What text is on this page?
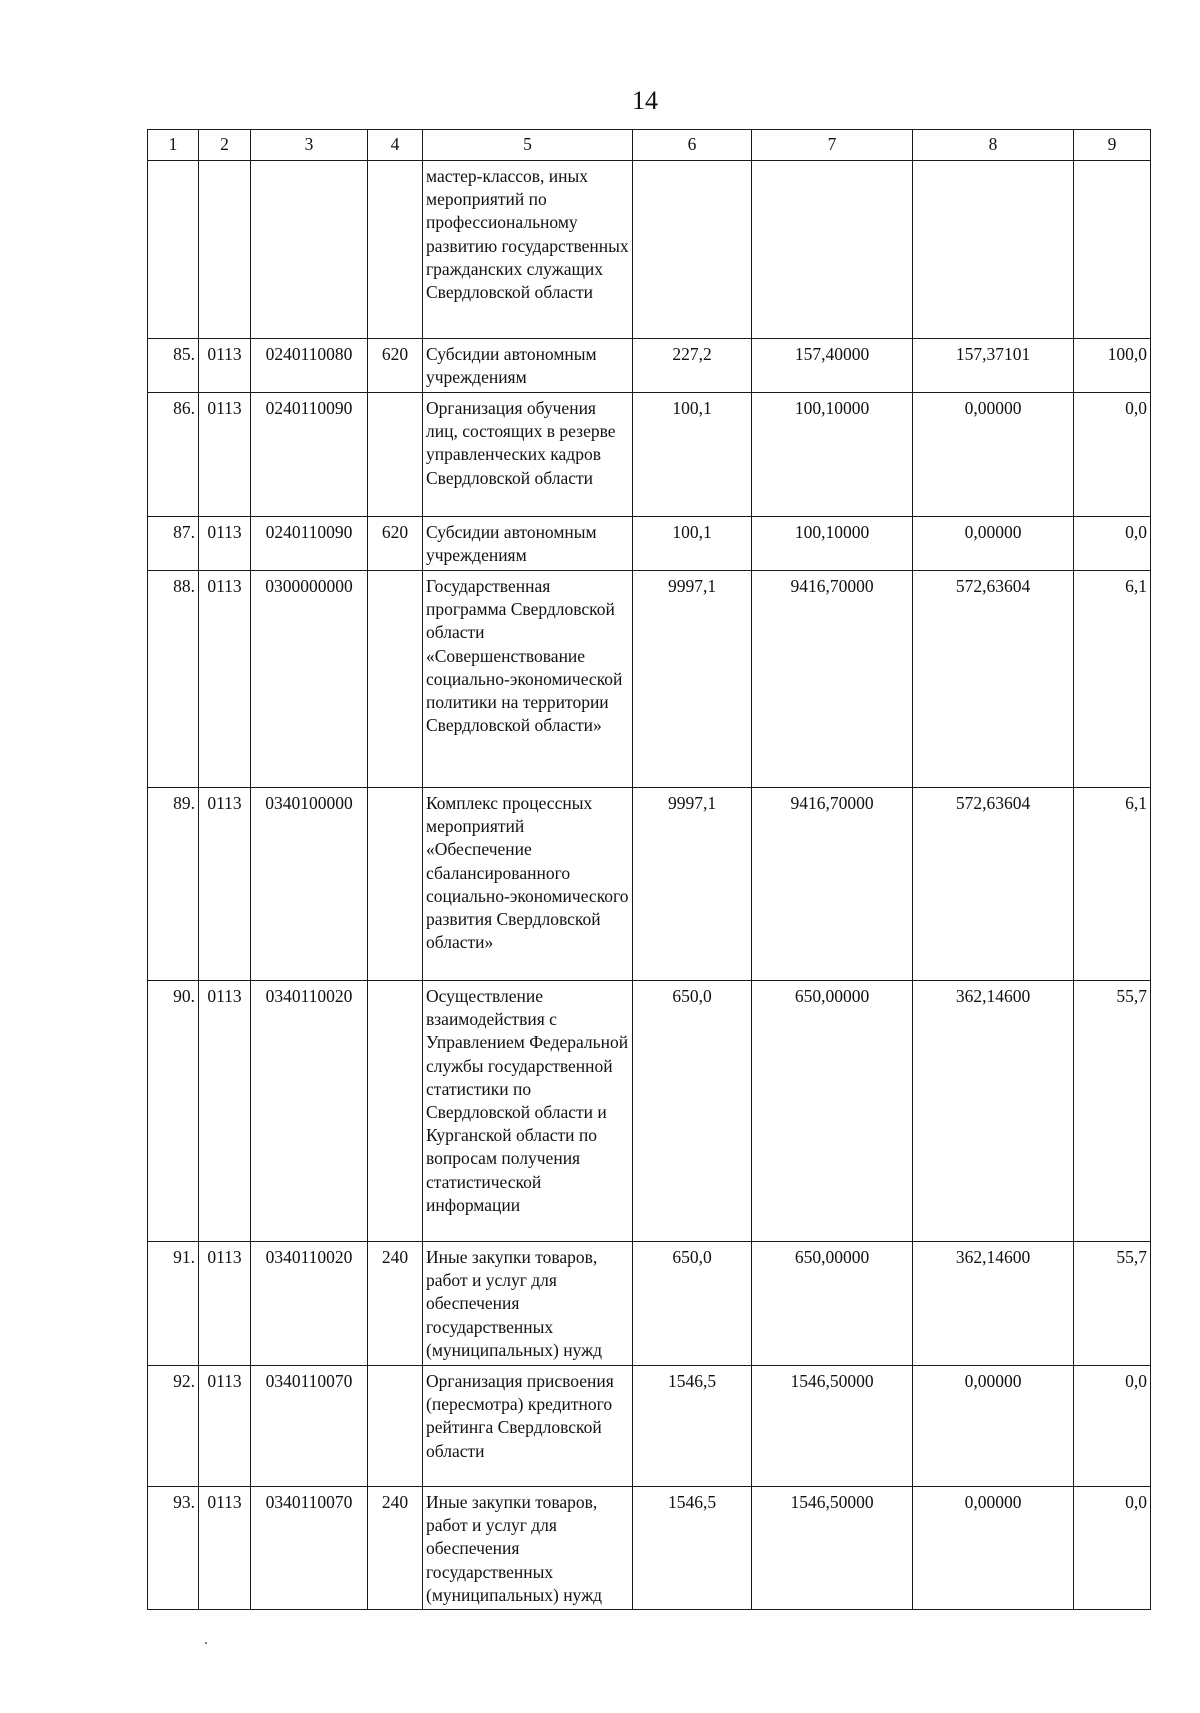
14
1	2	3	4	5	6	7	8	9
				мастер-классов, иных мероприятий по профессиональному развитию государственных гражданских служащих Свердловской области				
85.	0113	0240110080	620	Субсидии автономным учреждениям	227,2	157,40000	157,37101	100,0
86.	0113	0240110090		Организация обучения лиц, состоящих в резерве управленческих кадров Свердловской области	100,1	100,10000	0,00000	0,0
87.	0113	0240110090	620	Субсидии автономным учреждениям	100,1	100,10000	0,00000	0,0
88.	0113	0300000000		Государственная программа Свердловской области «Совершенствование социально-экономической политики на территории Свердловской области»	9997,1	9416,70000	572,63604	6,1
89.	0113	0340100000		Комплекс процессных мероприятий «Обеспечение сбалансированного социально-экономического развития Свердловской области»	9997,1	9416,70000	572,63604	6,1
90.	0113	0340110020		Осуществление взаимодействия с Управлением Федеральной службы государственной статистики по Свердловской области и Курганской области по вопросам получения статистической информации	650,0	650,00000	362,14600	55,7
91.	0113	0340110020	240	Иные закупки товаров, работ и услуг для обеспечения государственных (муниципальных) нужд	650,0	650,00000	362,14600	55,7
92.	0113	0340110070		Организация присвоения (пересмотра) кредитного рейтинга Свердловской области	1546,5	1546,50000	0,00000	0,0
93.	0113	0340110070	240	Иные закупки товаров, работ и услуг для обеспечения государственных (муниципальных) нужд	1546,5	1546,50000	0,00000	0,0
